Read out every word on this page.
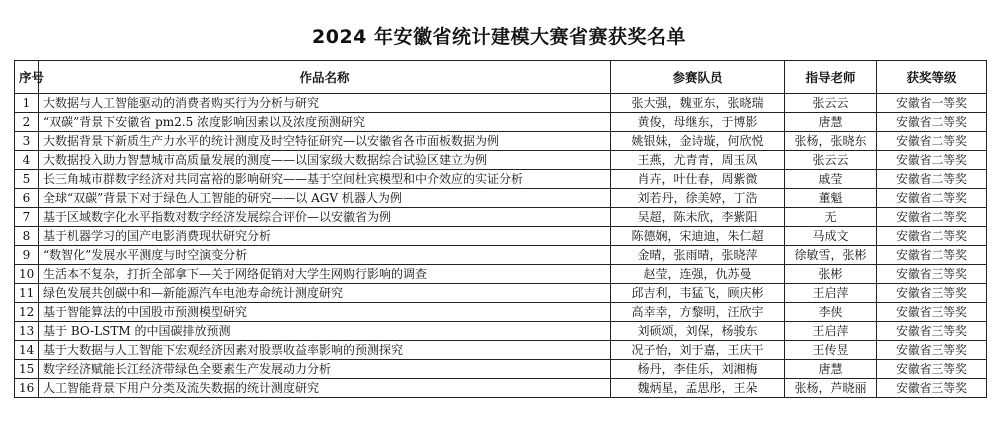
2024 年安徽省统计建模大赛省赛获奖名单
序号	作品名称	参赛队员	指导老师	获奖等级
1	大数据与人工智能驱动的消费者购买行为分析与研究	张大强，魏亚东，张晓瑞	张云云	安徽省一等奖
2	“双碳”背景下安徽省 pm2.5 浓度影响因素以及浓度预测研究	黄俊，母继东，于博影	唐慧	安徽省二等奖
3	大数据背景下新质生产力水平的统计测度及时空特征研究—以安徽省各市面板数据为例	姚银妹，金诗璇，何欣悦	张杨，张晓东	安徽省二等奖
4	大数据投入助力智慧城市高质量发展的测度——以国家级大数据综合试验区建立为例	王燕，尤青青，周玉凤	张云云	安徽省二等奖
5	长三角城市群数字经济对共同富裕的影响研究——基于空间杜宾模型和中介效应的实证分析	肖卉，叶仕春，周紫微	戚莹	安徽省二等奖
6	全球“双碳”背景下对于绿色人工智能的研究——以 AGV 机器人为例	刘若丹，徐美婷，丁浩	董魁	安徽省二等奖
7	基于区域数字化水平指数对数字经济发展综合评价—以安徽省为例	吴超，陈未欣，李紫阳	无	安徽省二等奖
8	基于机器学习的国产电影消费现状研究分析	陈德娴，宋迪迪，朱仁超	马成文	安徽省二等奖
9	“数智化”发展水平测度与时空演变分析	金晴，张雨晴，张晓萍	徐敏雪，张彬	安徽省二等奖
10	生活本不复杂，打折全部拿下—关于网络促销对大学生网购行影响的调查	赵莹，连强，仇苏曼	张彬	安徽省三等奖
11	绿色发展共创碳中和—新能源汽车电池寿命统计测度研究	邱吉利，韦猛飞，顾庆彬	王启萍	安徽省三等奖
12	基于智能算法的中国股市预测模型研究	高幸幸，方黎明，汪欣宇	李侠	安徽省三等奖
13	基于 BO-LSTM 的中国碳排放预测	刘硕颂，刘保，杨骏东	王启萍	安徽省三等奖
14	基于大数据与人工智能下宏观经济因素对股票收益率影响的预测探究	况子怡，刘于嘉，王庆干	王传昱	安徽省三等奖
15	数字经济赋能长江经济带绿色全要素生产发展动力分析	杨丹，李佳乐，刘湘梅	唐慧	安徽省三等奖
16	人工智能背景下用户分类及流失数据的统计测度研究	魏炳星，孟思彤，王朵	张杨，芦晓丽	安徽省三等奖
